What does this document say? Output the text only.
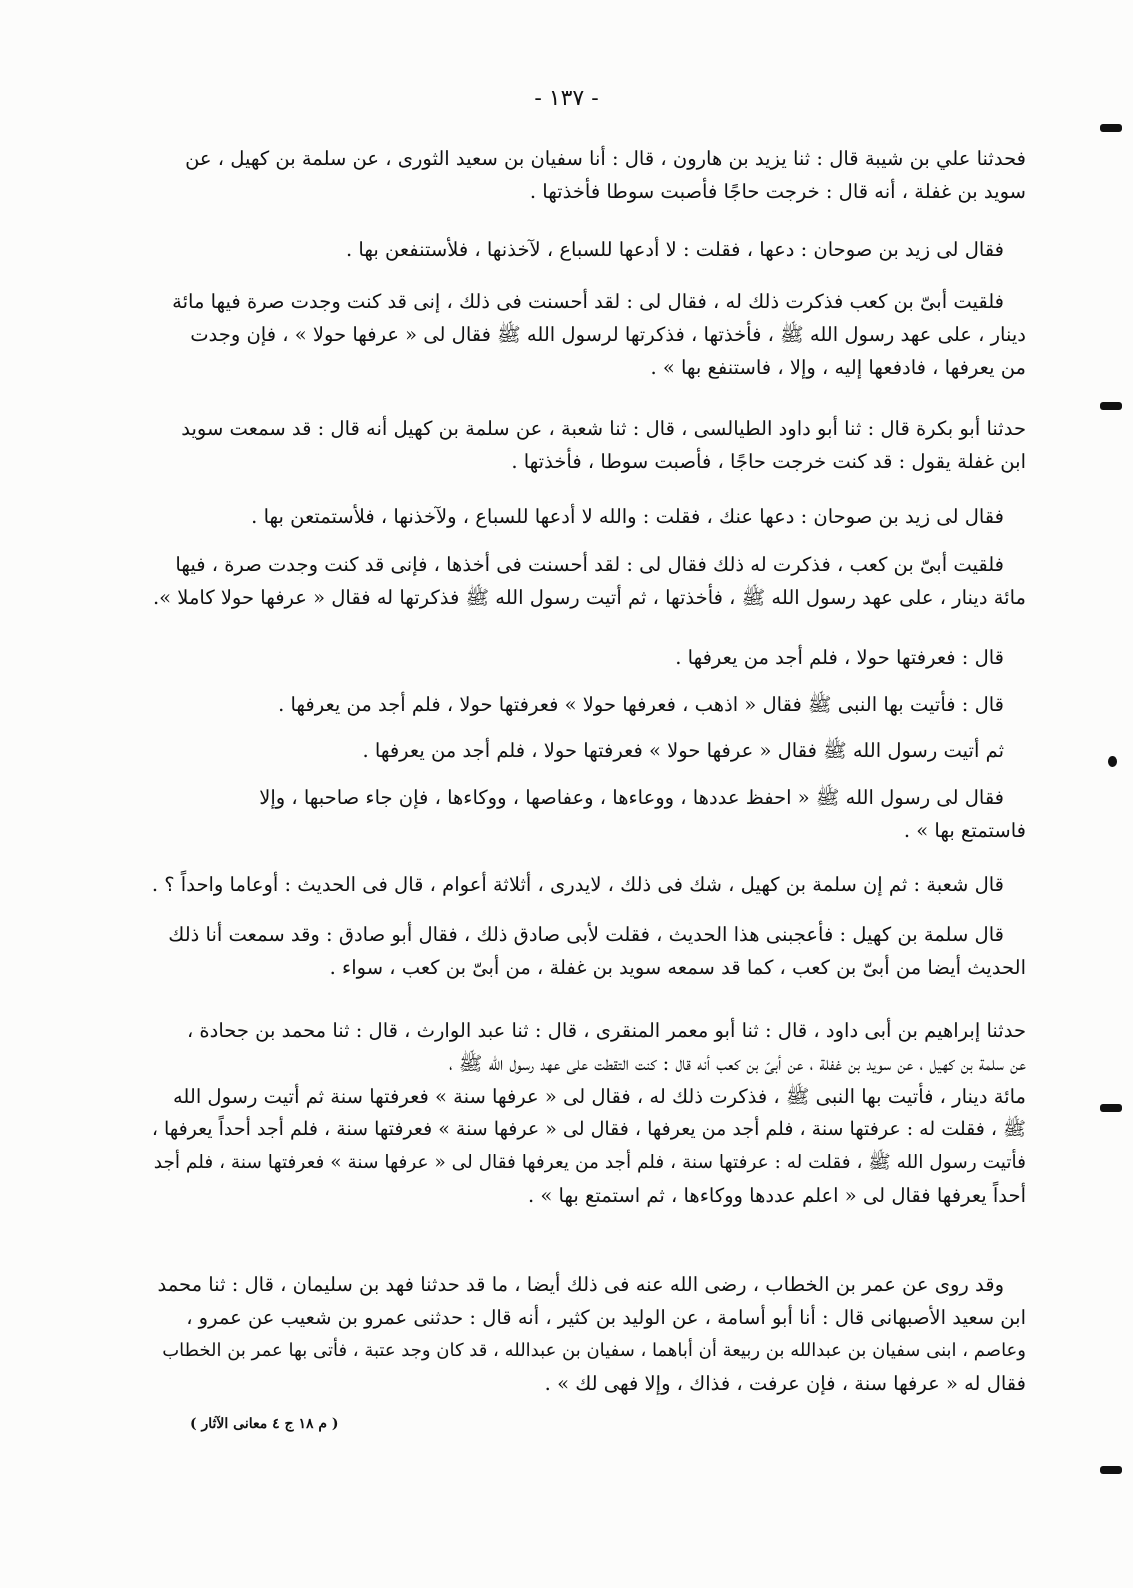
- ١٣٧ -
فحدثنا علي بن شيبة قال : ثنا يزيد بن هارون ، قال : أنا سفيان بن سعيد الثورى ، عن سلمة بن كهيل ، عن
سويد بن غفلة ، أنه قال : خرجت حاجًا فأصبت سوطا فأخذتها .
فقال لى زيد بن صوحان : دعها ، فقلت : لا أدعها للسباع ، لآخذنها ، فلأستنفعن بها .
فلقيت أبىّ بن كعب فذكرت ذلك له ، فقال لى : لقد أحسنت فى ذلك ، إنى قد كنت وجدت صرة فيها مائة
دينار ، على عهد رسول الله ﷺ ، فأخذتها ، فذكرتها لرسول الله ﷺ فقال لى « عرفها حولا » ، فإن وجدت
من يعرفها ، فادفعها إليه ، وإلا ، فاستنفع بها » .
حدثنا أبو بكرة قال : ثنا أبو داود الطيالسى ، قال : ثنا شعبة ، عن سلمة بن كهيل أنه قال : قد سمعت سويد
ابن غفلة يقول : قد كنت خرجت حاجًا ، فأصبت سوطا ، فأخذتها .
فقال لى زيد بن صوحان : دعها عنك ، فقلت : والله لا أدعها للسباع ، ولآخذنها ، فلأستمتعن بها .
فلقيت أبىّ بن كعب ، فذكرت له ذلك فقال لى : لقد أحسنت فى أخذها ، فإنى قد كنت وجدت صرة ، فيها
مائة دينار ، على عهد رسول الله ﷺ ، فأخذتها ، ثم أتيت رسول الله ﷺ فذكرتها له فقال « عرفها حولا كاملا ».
قال : فعرفتها حولا ، فلم أجد من يعرفها .
قال : فأتيت بها النبى ﷺ فقال « اذهب ، فعرفها حولا » فعرفتها حولا ، فلم أجد من يعرفها .
ثم أتيت رسول الله ﷺ فقال « عرفها حولا » فعرفتها حولا ، فلم أجد من يعرفها .
فقال لى رسول الله ﷺ « احفظ عددها ، ووعاءها ، وعفاصها ، ووكاءها ، فإن جاء صاحبها ، وإلا
فاستمتع بها » .
قال شعبة : ثم إن سلمة بن كهيل ، شك فى ذلك ، لايدرى ، أثلاثة أعوام ، قال فى الحديث : أوعاما واحداً ؟ .
قال سلمة بن كهيل : فأعجبنى هذا الحديث ، فقلت لأبى صادق ذلك ، فقال أبو صادق : وقد سمعت أنا ذلك
الحديث أيضا من أبىّ بن كعب ، كما قد سمعه سويد بن غفلة ، من أبىّ بن كعب ، سواء .
حدثنا إبراهيم بن أبى داود ، قال : ثنا أبو معمر المنقرى ، قال : ثنا عبد الوارث ، قال : ثنا محمد بن جحادة ،
عن سلمة بن كهيل ، عن سويد بن غفلة ، عن أبىّ بن كعب أنه قال : كنت التقطت على عهد رسول الله ﷺ ،
مائة دينار ، فأتيت بها النبى ﷺ ، فذكرت ذلك له ، فقال لى « عرفها سنة » فعرفتها سنة ثم أتيت رسول الله
ﷺ ، فقلت له : عرفتها سنة ، فلم أجد من يعرفها ، فقال لى « عرفها سنة » فعرفتها سنة ، فلم أجد أحداً يعرفها ،
فأتيت رسول الله ﷺ ، فقلت له : عرفتها سنة ، فلم أجد من يعرفها فقال لى « عرفها سنة » فعرفتها سنة ، فلم أجد
أحداً يعرفها فقال لى « اعلم عددها ووكاءها ، ثم استمتع بها » .
وقد روى عن عمر بن الخطاب ، رضى الله عنه فى ذلك أيضا ، ما قد حدثنا فهد بن سليمان ، قال : ثنا محمد
ابن سعيد الأصبهانى قال : أنا أبو أسامة ، عن الوليد بن كثير ، أنه قال : حدثنى عمرو بن شعيب عن عمرو ،
وعاصم ، ابنى سفيان بن عبدالله بن ربيعة أن أباهما ، سفيان بن عبدالله ، قد كان وجد عتبة ، فأتى بها عمر بن الخطاب
فقال له « عرفها سنة ، فإن عرفت ، فذاك ، وإلا فهى لك » .
( م ١٨ ج ٤ معانى الآثار )
